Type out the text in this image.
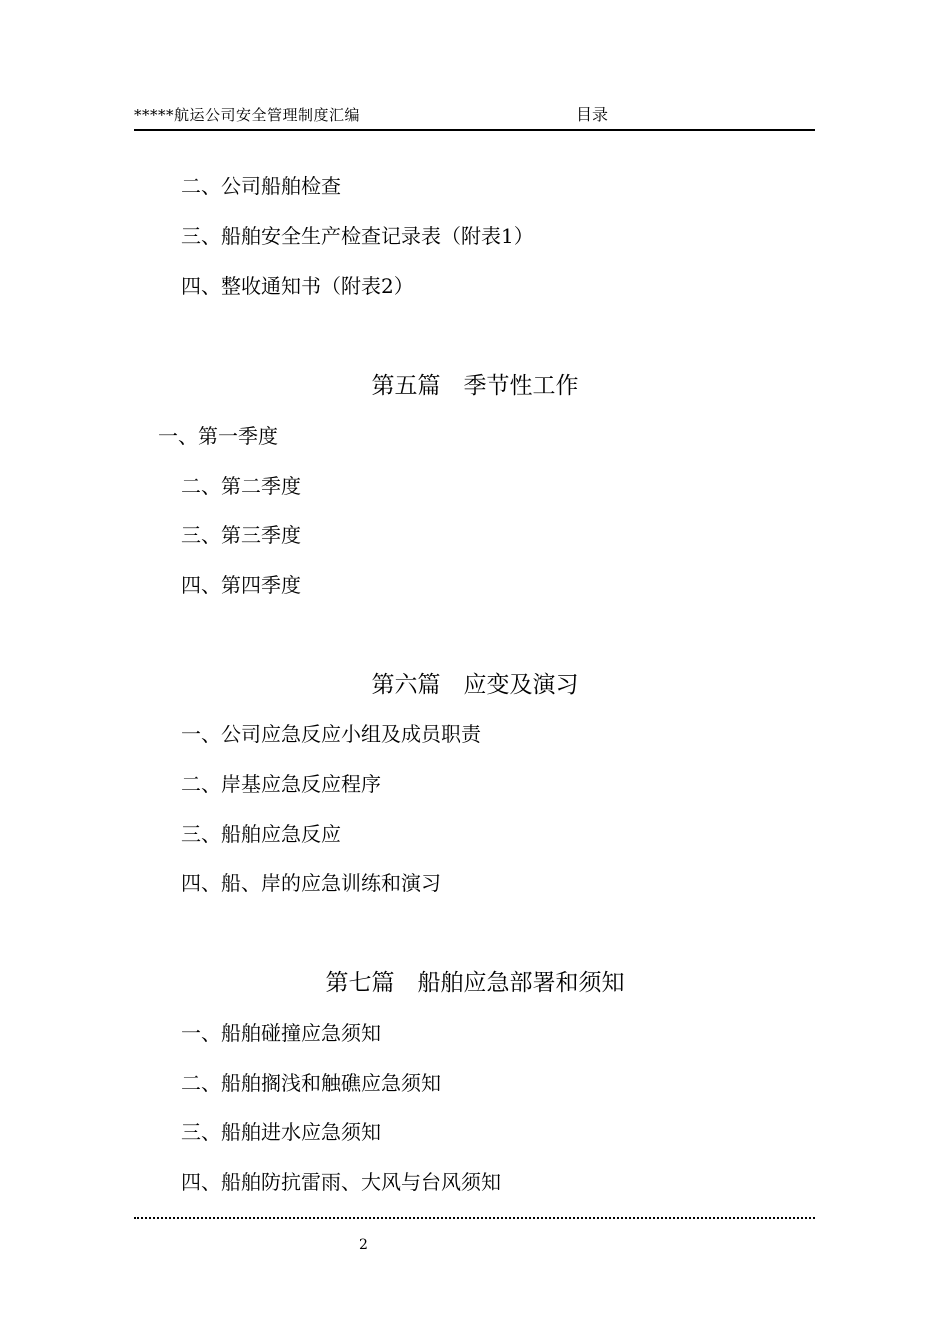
*****航运公司安全管理制度汇编	目录
二、公司船舶检查
三、船舶安全生产检查记录表（附表1）
四、整收通知书（附表2）
第五篇　季节性工作
一、第一季度
二、第二季度
三、第三季度
四、第四季度
第六篇　应变及演习
一、公司应急反应小组及成员职责
二、岸基应急反应程序
三、船舶应急反应
四、船、岸的应急训练和演习
第七篇　船舶应急部署和须知
一、船舶碰撞应急须知
二、船舶搁浅和触礁应急须知
三、船舶进水应急须知
四、船舶防抗雷雨、大风与台风须知
2
